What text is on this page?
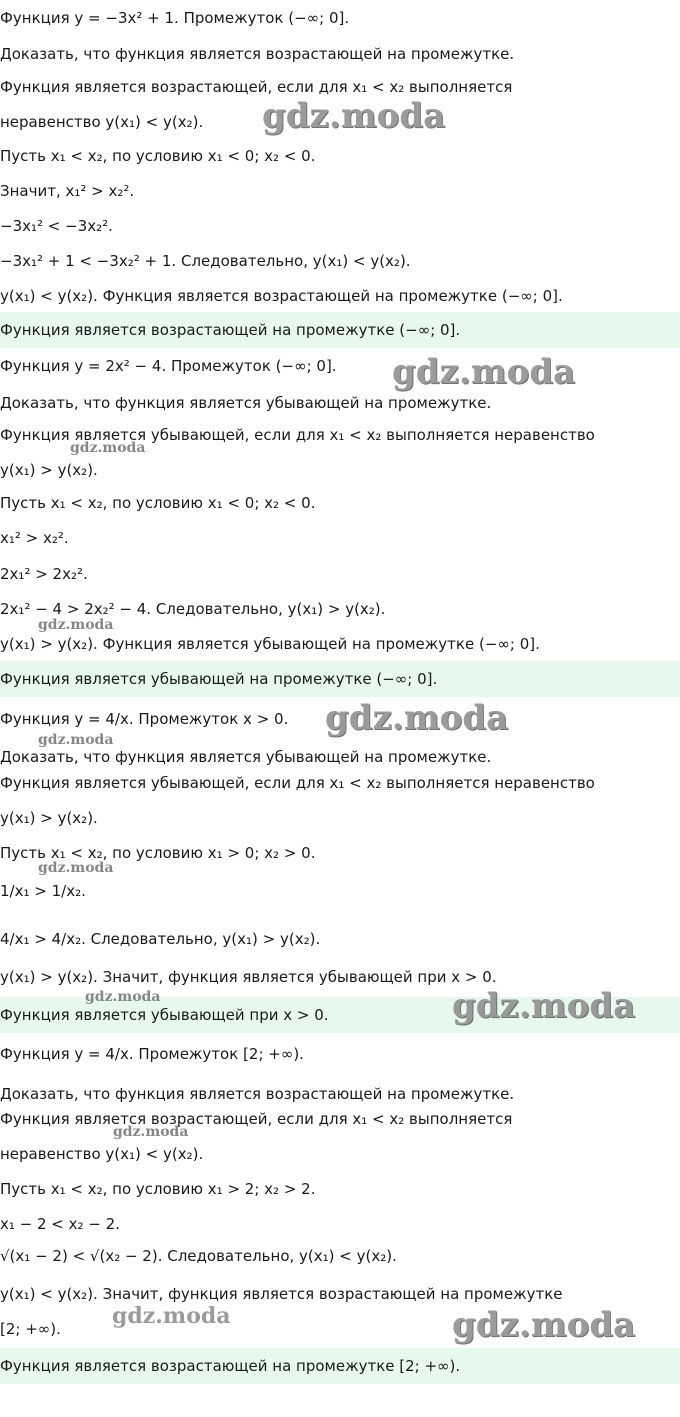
Функция y = −3x² + 1. Промежуток (−∞; 0].
Доказать, что функция является возрастающей на промежутке.
Функция является возрастающей, если для x₁ < x₂ выполняется
неравенство y(x₁) < y(x₂).
Пусть x₁ < x₂, по условию x₁ < 0; x₂ < 0.
Значит, x₁² > x₂².
−3x₁² < −3x₂².
−3x₁² + 1 < −3x₂² + 1. Следовательно, y(x₁) < y(x₂).
y(x₁) < y(x₂). Функция является возрастающей на промежутке (−∞; 0].
Функция является возрастающей на промежутке (−∞; 0].
Функция y = 2x² − 4. Промежуток (−∞; 0].
Доказать, что функция является убывающей на промежутке.
Функция является убывающей, если для x₁ < x₂ выполняется неравенство
y(x₁) > y(x₂).
Пусть x₁ < x₂, по условию x₁ < 0; x₂ < 0.
x₁² > x₂².
2x₁² > 2x₂².
2x₁² − 4 > 2x₂² − 4. Следовательно, y(x₁) > y(x₂).
y(x₁) > y(x₂). Функция является убывающей на промежутке (−∞; 0].
Функция является убывающей на промежутке (−∞; 0].
Функция y = 4/x. Промежуток x > 0.
Доказать, что функция является убывающей на промежутке.
Функция является убывающей, если для x₁ < x₂ выполняется неравенство
y(x₁) > y(x₂).
Пусть x₁ < x₂, по условию x₁ > 0; x₂ > 0.
1/x₁ > 1/x₂.
4/x₁ > 4/x₂. Следовательно, y(x₁) > y(x₂).
y(x₁) > y(x₂). Значит, функция является убывающей при x > 0.
Функция является убывающей при x > 0.
Функция y = 4/x. Промежуток [2; +∞).
Доказать, что функция является возрастающей на промежутке.
Функция является возрастающей, если для x₁ < x₂ выполняется
неравенство y(x₁) < y(x₂).
Пусть x₁ < x₂, по условию x₁ > 2; x₂ > 2.
x₁ − 2 < x₂ − 2.
√(x₁ − 2) < √(x₂ − 2). Следовательно, y(x₁) < y(x₂).
y(x₁) < y(x₂). Значит, функция является возрастающей на промежутке
[2; +∞).
Функция является возрастающей на промежутке [2; +∞).
gdz.moda
gdz.moda
gdz.moda
gdz.moda
gdz.moda
gdz.moda
gdz.moda
gdz.moda	gdz.moda
gdz.moda
gdz.moda	gdz.moda
